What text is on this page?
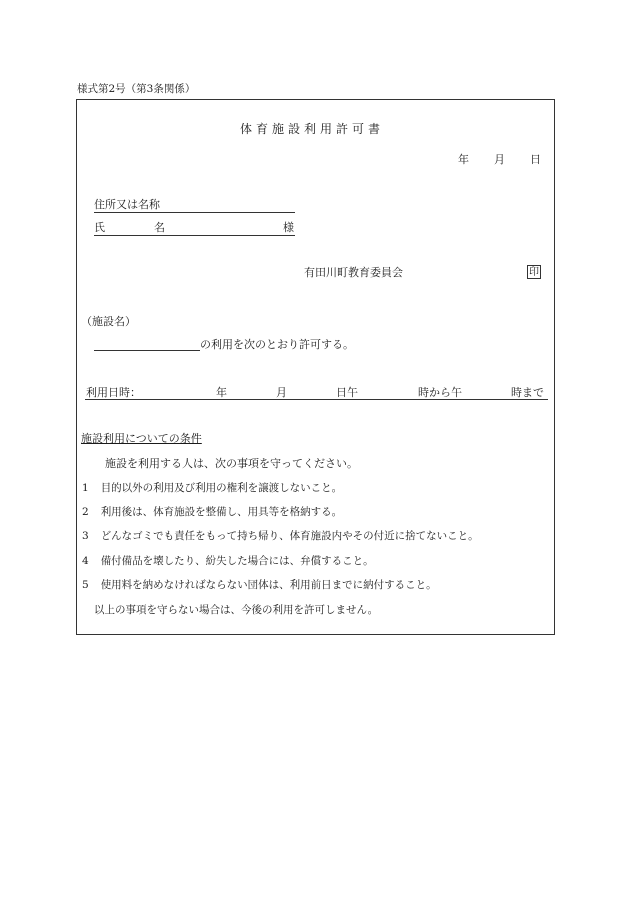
様式第2号（第3条関係）
体育施設利用許可書
年 月 日
住所又は名称
氏	名	様
有田川町教育委員会	印
（施設名）
の利用を次のとおり許可する。
利用日時：	年	月	日午	時から午	時まで
施設利用についての条件
施設を利用する人は、次の事項を守ってください。
1 目的以外の利用及び利用の権利を譲渡しないこと。
2 利用後は、体育施設を整備し、用具等を格納する。
3 どんなゴミでも責任をもって持ち帰り、体育施設内やその付近に捨てないこと。
4 備付備品を壊したり、紛失した場合には、弁償すること。
5 使用料を納めなければならない団体は、利用前日までに納付すること。
以上の事項を守らない場合は、今後の利用を許可しません。
